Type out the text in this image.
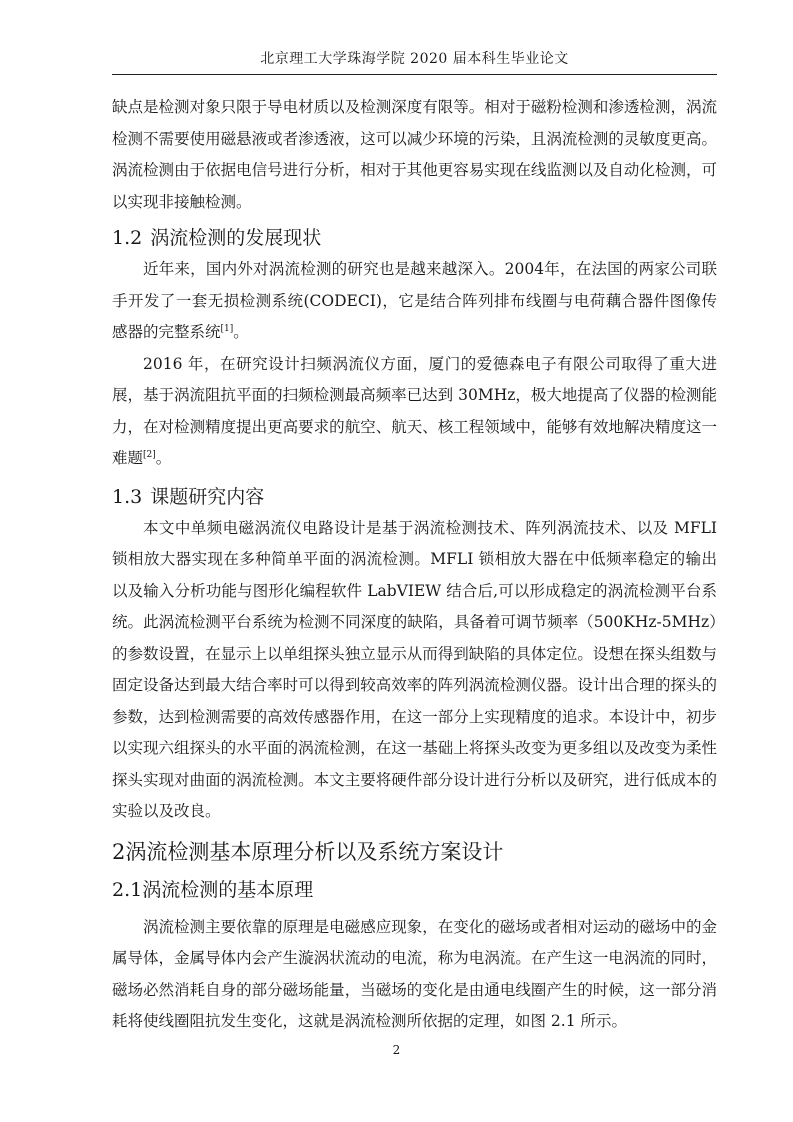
北京理工大学珠海学院 2020 届本科生毕业论文

缺点是检测对象只限于导电材质以及检测深度有限等。相对于磁粉检测和渗透检测，涡流检测不需要使用磁悬液或者渗透液，这可以减少环境的污染，且涡流检测的灵敏度更高。涡流检测由于依据电信号进行分析，相对于其他更容易实现在线监测以及自动化检测，可以实现非接触检测。

1.2 涡流检测的发展现状

近年来，国内外对涡流检测的研究也是越来越深入。2004年，在法国的两家公司联手开发了一套无损检测系统(CODECI)，它是结合阵列排布线圈与电荷藕合器件图像传感器的完整系统[1]。

2016 年，在研究设计扫频涡流仪方面，厦门的爱德森电子有限公司取得了重大进展，基于涡流阻抗平面的扫频检测最高频率已达到 30MHz，极大地提高了仪器的检测能力，在对检测精度提出更高要求的航空、航天、核工程领域中，能够有效地解决精度这一难题[2]。

1.3 课题研究内容

本文中单频电磁涡流仪电路设计是基于涡流检测技术、阵列涡流技术、以及 MFLI 锁相放大器实现在多种简单平面的涡流检测。MFLI 锁相放大器在中低频率稳定的输出以及输入分析功能与图形化编程软件 LabVIEW 结合后,可以形成稳定的涡流检测平台系统。此涡流检测平台系统为检测不同深度的缺陷，具备着可调节频率（500KHz-5MHz）的参数设置，在显示上以单组探头独立显示从而得到缺陷的具体定位。设想在探头组数与固定设备达到最大结合率时可以得到较高效率的阵列涡流检测仪器。设计出合理的探头的参数，达到检测需要的高效传感器作用，在这一部分上实现精度的追求。本设计中，初步以实现六组探头的水平面的涡流检测，在这一基础上将探头改变为更多组以及改变为柔性探头实现对曲面的涡流检测。本文主要将硬件部分设计进行分析以及研究，进行低成本的实验以及改良。

2涡流检测基本原理分析以及系统方案设计
2.1涡流检测的基本原理

涡流检测主要依靠的原理是电磁感应现象，在变化的磁场或者相对运动的磁场中的金属导体，金属导体内会产生漩涡状流动的电流，称为电涡流。在产生这一电涡流的同时，磁场必然消耗自身的部分磁场能量，当磁场的变化是由通电线圈产生的时候，这一部分消耗将使线圈阻抗发生变化，这就是涡流检测所依据的定理，如图 2.1 所示。

2
